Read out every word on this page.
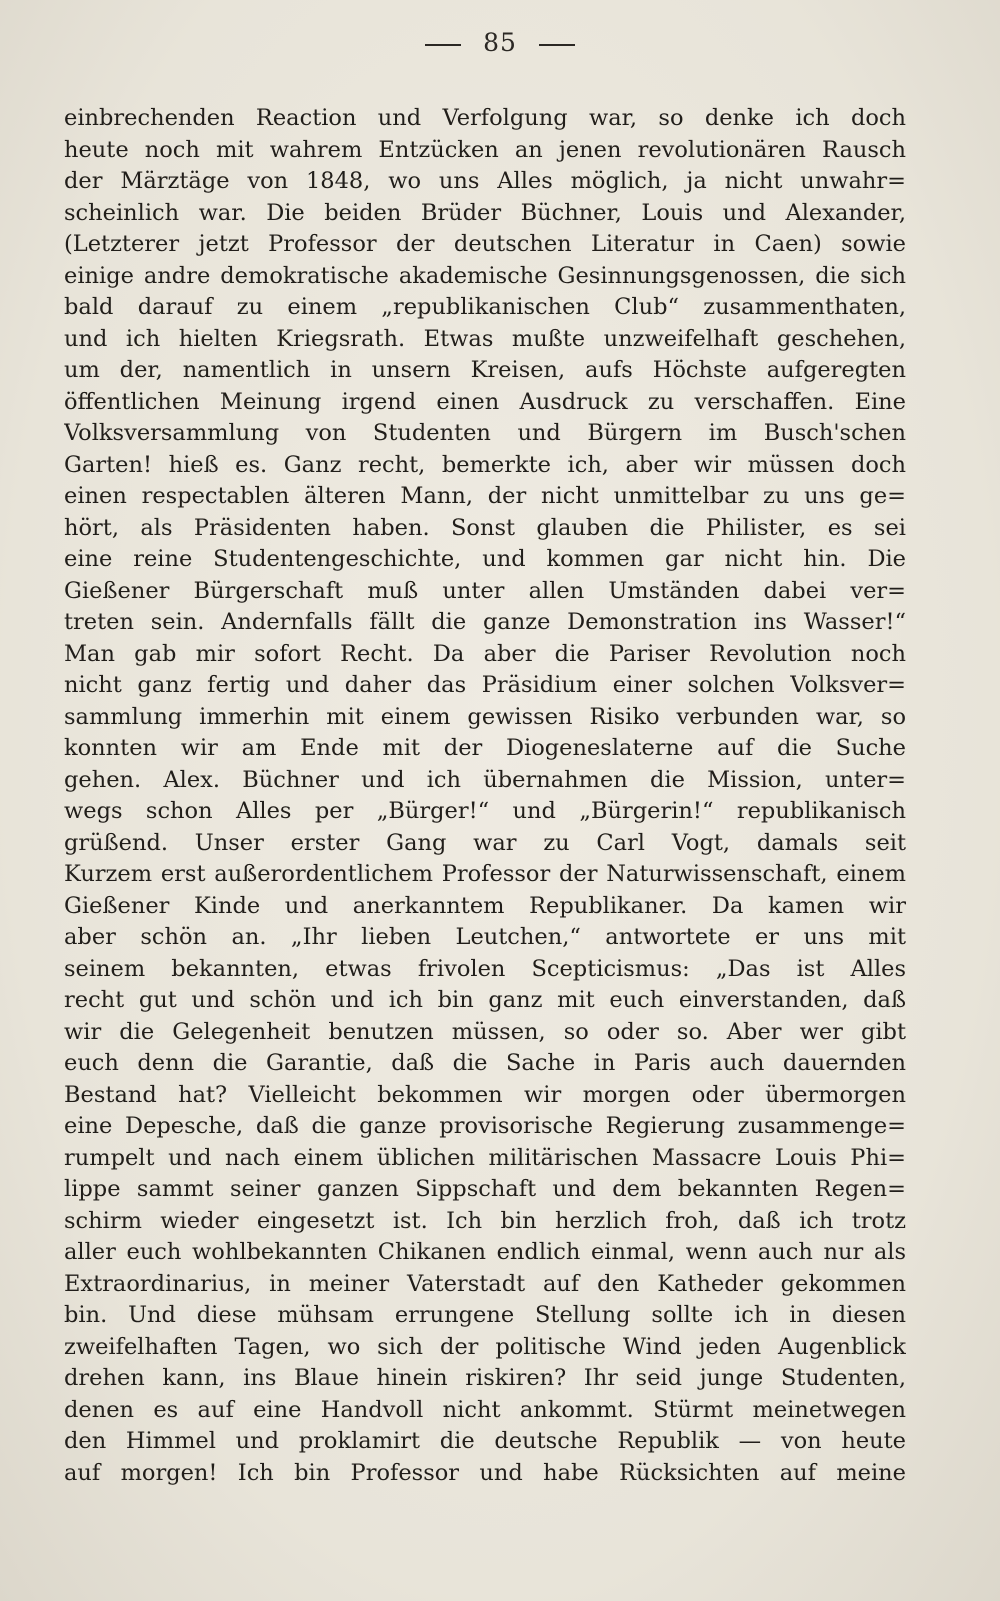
85
einbrechenden Reaction und Verfolgung war, so denke ich doch
heute noch mit wahrem Entzücken an jenen revolutionären Rausch
der Märztäge von 1848, wo uns Alles möglich, ja nicht unwahr=
scheinlich war. Die beiden Brüder Büchner, Louis und Alexander,
(Letzterer jetzt Professor der deutschen Literatur in Caen) sowie
einige andre demokratische akademische Gesinnungsgenossen, die sich
bald darauf zu einem „republikanischen Club“ zusammenthaten,
und ich hielten Kriegsrath. Etwas mußte unzweifelhaft geschehen,
um der, namentlich in unsern Kreisen, aufs Höchste aufgeregten
öffentlichen Meinung irgend einen Ausdruck zu verschaffen. Eine
Volksversammlung von Studenten und Bürgern im Busch'schen
Garten! hieß es. Ganz recht, bemerkte ich, aber wir müssen doch
einen respectablen älteren Mann, der nicht unmittelbar zu uns ge=
hört, als Präsidenten haben. Sonst glauben die Philister, es sei
eine reine Studentengeschichte, und kommen gar nicht hin. Die
Gießener Bürgerschaft muß unter allen Umständen dabei ver=
treten sein. Andernfalls fällt die ganze Demonstration ins Wasser!“
Man gab mir sofort Recht. Da aber die Pariser Revolution noch
nicht ganz fertig und daher das Präsidium einer solchen Volksver=
sammlung immerhin mit einem gewissen Risiko verbunden war, so
konnten wir am Ende mit der Diogeneslaterne auf die Suche
gehen. Alex. Büchner und ich übernahmen die Mission, unter=
wegs schon Alles per „Bürger!“ und „Bürgerin!“ republikanisch
grüßend. Unser erster Gang war zu Carl Vogt, damals seit
Kurzem erst außerordentlichem Professor der Naturwissenschaft, einem
Gießener Kinde und anerkanntem Republikaner. Da kamen wir
aber schön an. „Ihr lieben Leutchen,“ antwortete er uns mit
seinem bekannten, etwas frivolen Scepticismus: „Das ist Alles
recht gut und schön und ich bin ganz mit euch einverstanden, daß
wir die Gelegenheit benutzen müssen, so oder so. Aber wer gibt
euch denn die Garantie, daß die Sache in Paris auch dauernden
Bestand hat? Vielleicht bekommen wir morgen oder übermorgen
eine Depesche, daß die ganze provisorische Regierung zusammenge=
rumpelt und nach einem üblichen militärischen Massacre Louis Phi=
lippe sammt seiner ganzen Sippschaft und dem bekannten Regen=
schirm wieder eingesetzt ist. Ich bin herzlich froh, daß ich trotz
aller euch wohlbekannten Chikanen endlich einmal, wenn auch nur als
Extraordinarius, in meiner Vaterstadt auf den Katheder gekommen
bin. Und diese mühsam errungene Stellung sollte ich in diesen
zweifelhaften Tagen, wo sich der politische Wind jeden Augenblick
drehen kann, ins Blaue hinein riskiren? Ihr seid junge Studenten,
denen es auf eine Handvoll nicht ankommt. Stürmt meinetwegen
den Himmel und proklamirt die deutsche Republik — von heute
auf morgen! Ich bin Professor und habe Rücksichten auf meine
